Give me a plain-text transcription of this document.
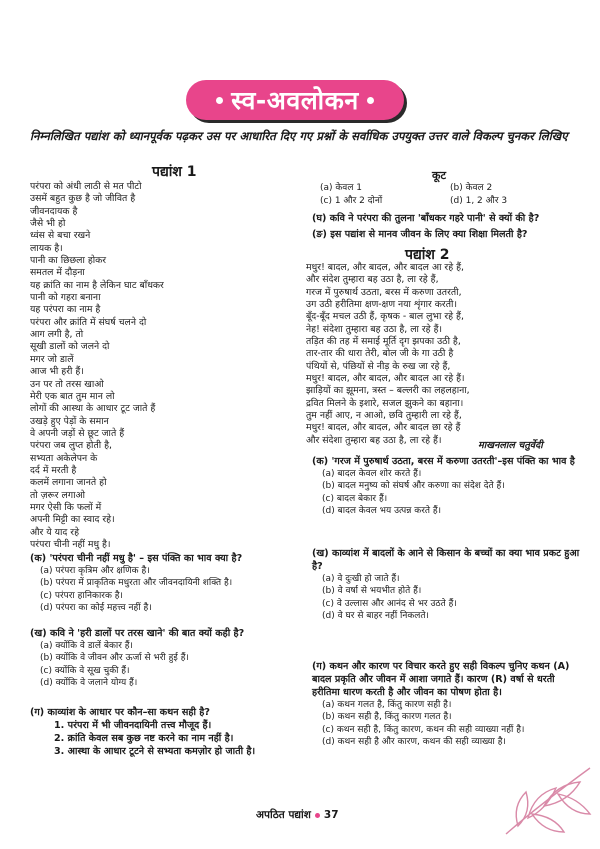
स्व-अवलोकन
निम्नलिखित पद्यांश को ध्यानपूर्वक पढ़कर उस पर आधारित दिए गए प्रश्नों के सर्वाधिक उपयुक्त उत्तर वाले विकल्प चुनकर लिखिए
पद्यांश 1
परंपरा को अंधी लाठी से मत पीटो
उसमें बहुत कुछ है जो जीवित है
जीवनदायक है
जैसे भी हो
ध्वंस से बचा रखने
लायक है।
पानी का छिछला होकर
समतल में दौड़ना
यह क्रांति का नाम है लेकिन घाट बाँधकर
पानी को गहरा बनाना
यह परंपरा का नाम है
परंपरा और क्रांति में संघर्ष चलने दो
आग लगी है, तो
सूखी डालों को जलने दो
मगर जो डालें
आज भी हरी हैं।
उन पर तो तरस खाओ
मेरी एक बात तुम मान लो
लोगों की आस्था के आधार टूट जाते हैं
उखड़े हुए पेड़ों के समान
वे अपनी जड़ों से छूट जाते हैं
परंपरा जब लुप्त होती है,
सभ्यता अकेलेपन के
दर्द में मरती है
कलमें लगाना जानते हो
तो ज़रूर लगाओ
मगर ऐसी कि फलों में
अपनी मिट्टी का स्वाद रहे।
और ये याद रहे
परंपरा चीनी नहीं मधु है।
(क) 'परंपरा चीनी नहीं मधु है' – इस पंक्ति का भाव क्या है?
(a) परंपरा कृत्रिम और क्षणिक है।
(b) परंपरा में प्राकृतिक मधुरता और जीवनदायिनी शक्ति है।
(c) परंपरा हानिकारक है।
(d) परंपरा का कोई महत्त्व नहीं है।
(ख) कवि ने 'हरी डालों पर तरस खाने' की बात क्यों कही है?
(a) क्योंकि वे डालें बेकार हैं।
(b) क्योंकि वे जीवन और ऊर्जा से भरी हुई हैं।
(c) क्योंकि वे सूख चुकी हैं।
(d) क्योंकि वे जलाने योग्य हैं।
(ग) काव्यांश के आधार पर कौन–सा कथन सही है?
1. परंपरा में भी जीवनदायिनी तत्त्व मौजूद हैं।
2. क्रांति केवल सब कुछ नष्ट करने का नाम नहीं है।
3. आस्था के आधार टूटने से सभ्यता कमज़ोर हो जाती है।
कूट
(a) केवल 1	(b) केवल 2
(c) 1 और 2 दोनों	(d) 1, 2 और 3
(घ) कवि ने परंपरा की तुलना 'बाँधकर गहरे पानी' से क्यों की है?
(ङ) इस पद्यांश से मानव जीवन के लिए क्या शिक्षा मिलती है?
पद्यांश 2
मधुर! बादल, और बादल, और बादल आ रहे हैं,
और संदेश तुम्हारा बह उठा है, ला रहे हैं,
गरज में पुरुषार्थ उठता, बरस में करुणा उतरती,
उग उठी हरीतिमा क्षण-क्षण नया शृंगार करती।
बूँद-बूँद मचल उठी हैं, कृषक - बाल लुभा रहे हैं,
नेह! संदेशा तुम्हारा बह उठा है, ला रहे हैं।
तड़ित की तह में समाई मूर्ति दृग झपका उठी है,
तार-तार की धारा तेरी, बोल जी के गा उठी है
पंथियों से, पंछियों से नीड़ के रुख जा रहे हैं,
मधुर! बादल, और बादल, और बादल आ रहे हैं।
झाड़ियों का झूमना, त्रस्त – बल्लरी का लहलहाना,
द्रवित मिलने के इशारे, सजल झुकने का बहाना।
तुम नहीं आए, न आओ, छवि तुम्हारी ला रहे हैं,
मधुर! बादल, और बादल, और बादल छा रहे हैं
और संदेशा तुम्हारा बह उठा है, ला रहे हैं।	माखनलाल चतुर्वेदी
(क) 'गरज में पुरुषार्थ उठता, बरस में करुणा उतरती'–इस पंक्ति का भाव है
(a) बादल केवल शोर करते हैं।
(b) बादल मनुष्य को संघर्ष और करुणा का संदेश देते हैं।
(c) बादल बेकार हैं।
(d) बादल केवल भय उत्पन्न करते हैं।
(ख) काव्यांश में बादलों के आने से किसान के बच्चों का क्या भाव प्रकट हुआ है?
(a) वे दुःखी हो जाते हैं।
(b) वे वर्षा से भयभीत होते हैं।
(c) वे उल्लास और आनंद से भर उठते हैं।
(d) वे घर से बाहर नहीं निकलते।
(ग) कथन और कारण पर विचार करते हुए सही विकल्प चुनिए कथन (A) बादल प्रकृति और जीवन में आशा जगाते हैं। कारण (R) वर्षा से धरती हरीतिमा धारण करती है और जीवन का पोषण होता है।
(a) कथन गलत है, किंतु कारण सही है।
(b) कथन सही है, किंतु कारण गलत है।
(c) कथन सही है, किंतु कारण, कथन की सही व्याख्या नहीं है।
(d) कथन सही है और कारण, कथन की सही व्याख्या है।
अपठित पद्यांश 37
